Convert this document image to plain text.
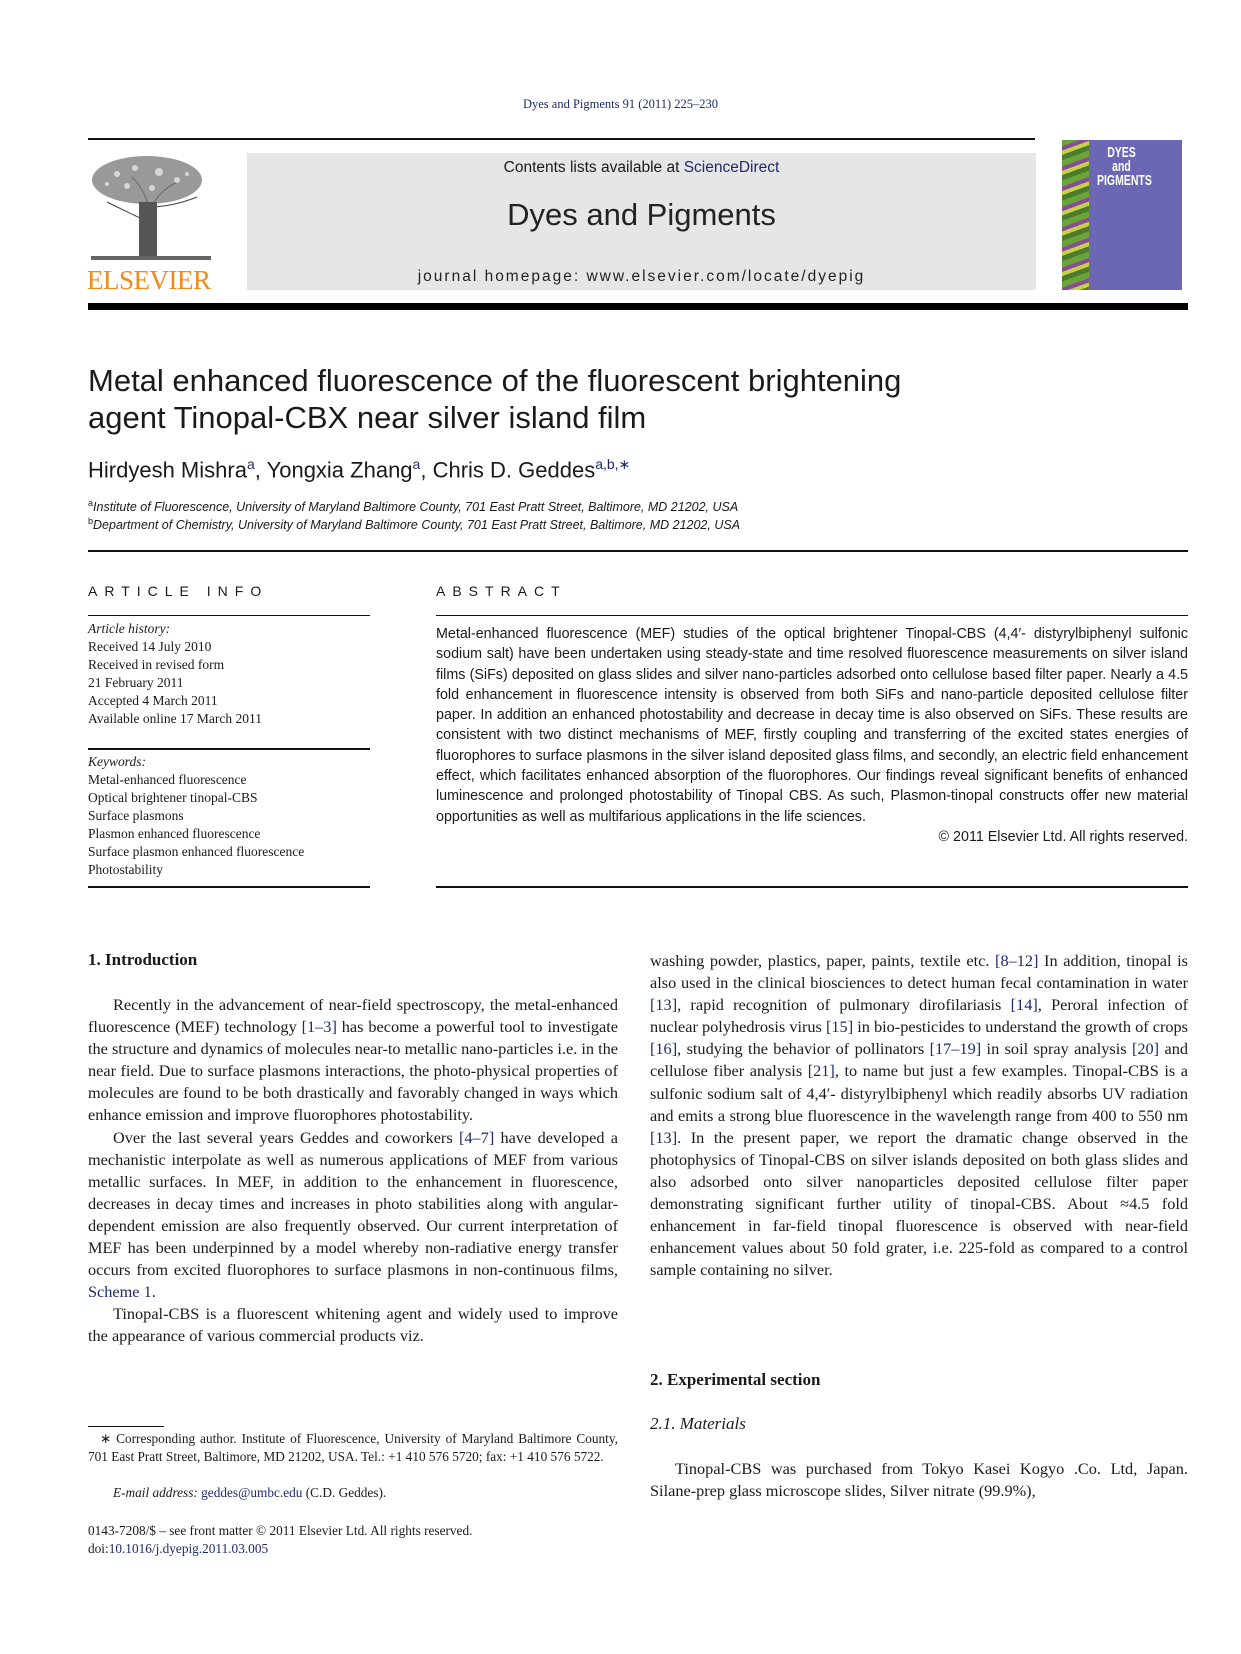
Dyes and Pigments 91 (2011) 225–230
ELSEVIER
Contents lists available at ScienceDirect
Dyes and Pigments
journal homepage: www.elsevier.com/locate/dyepig
DYES
and
PIGMENTS
Metal enhanced fluorescence of the fluorescent brightening
agent Tinopal-CBX near silver island film
Hirdyesh Mishra$^a$, Yongxia Zhang$^a$, Chris D. Geddes$^{a,b,∗}$
$^a$Institute of Fluorescence, University of Maryland Baltimore County, 701 East Pratt Street, Baltimore, MD 21202, USA
$^b$Department of Chemistry, University of Maryland Baltimore County, 701 East Pratt Street, Baltimore, MD 21202, USA
ARTICLE INFO
Article history:
Received 14 July 2010
Received in revised form
21 February 2011
Accepted 4 March 2011
Available online 17 March 2011
Keywords:
Metal-enhanced fluorescence
Optical brightener tinopal-CBS
Surface plasmons
Plasmon enhanced fluorescence
Surface plasmon enhanced fluorescence
Photostability
ABSTRACT
Metal-enhanced fluorescence (MEF) studies of the optical brightener Tinopal-CBS (4,4′- distyrylbiphenyl sulfonic sodium salt) have been undertaken using steady-state and time resolved fluorescence measurements on silver island films (SiFs) deposited on glass slides and silver nano-particles adsorbed onto cellulose based filter paper. Nearly a 4.5 fold enhancement in fluorescence intensity is observed from both SiFs and nano-particle deposited cellulose filter paper. In addition an enhanced photostability and decrease in decay time is also observed on SiFs. These results are consistent with two distinct mechanisms of MEF, firstly coupling and transferring of the excited states energies of fluorophores to surface plasmons in the silver island deposited glass films, and secondly, an electric field enhancement effect, which facilitates enhanced absorption of the fluorophores. Our findings reveal significant benefits of enhanced luminescence and prolonged photostability of Tinopal CBS. As such, Plasmon-tinopal constructs offer new material opportunities as well as multifarious applications in the life sciences.
© 2011 Elsevier Ltd. All rights reserved.
1. Introduction

Recently in the advancement of near-field spectroscopy, the metal-enhanced fluorescence (MEF) technology [1–3] has become a powerful tool to investigate the structure and dynamics of molecules near-to metallic nano-particles i.e. in the near field. Due to surface plasmons interactions, the photo-physical properties of molecules are found to be both drastically and favorably changed in ways which enhance emission and improve fluorophores photostability.

Over the last several years Geddes and coworkers [4–7] have developed a mechanistic interpolate as well as numerous applications of MEF from various metallic surfaces. In MEF, in addition to the enhancement in fluorescence, decreases in decay times and increases in photo stabilities along with angular-dependent emission are also frequently observed. Our current interpretation of MEF has been underpinned by a model whereby non-radiative energy transfer occurs from excited fluorophores to surface plasmons in non-continuous films, Scheme 1.

Tinopal-CBS is a fluorescent whitening agent and widely used to improve the appearance of various commercial products viz.

∗ Corresponding author. Institute of Fluorescence, University of Maryland Baltimore County, 701 East Pratt Street, Baltimore, MD 21202, USA. Tel.: +1 410 576 5720; fax: +1 410 576 5722.
E-mail address: geddes@umbc.edu (C.D. Geddes).
0143-7208/$ – see front matter © 2011 Elsevier Ltd. All rights reserved.
doi:10.1016/j.dyepig.2011.03.005

washing powder, plastics, paper, paints, textile etc. [8–12] In addition, tinopal is also used in the clinical biosciences to detect human fecal contamination in water [13], rapid recognition of pulmonary dirofilariasis [14], Peroral infection of nuclear polyhedrosis virus [15] in bio-pesticides to understand the growth of crops [16], studying the behavior of pollinators [17–19] in soil spray analysis [20] and cellulose fiber analysis [21], to name but just a few examples. Tinopal-CBS is a sulfonic sodium salt of 4,4′- distyrylbiphenyl which readily absorbs UV radiation and emits a strong blue fluorescence in the wavelength range from 400 to 550 nm [13]. In the present paper, we report the dramatic change observed in the photophysics of Tinopal-CBS on silver islands deposited on both glass slides and also adsorbed onto silver nanoparticles deposited cellulose filter paper demonstrating significant further utility of tinopal-CBS. About ≈4.5 fold enhancement in far-field tinopal fluorescence is observed with near-field enhancement values about 50 fold grater, i.e. 225-fold as compared to a control sample containing no silver.

2. Experimental section
2.1. Materials

Tinopal-CBS was purchased from Tokyo Kasei Kogyo .Co. Ltd, Japan. Silane-prep glass microscope slides, Silver nitrate (99.9%),
